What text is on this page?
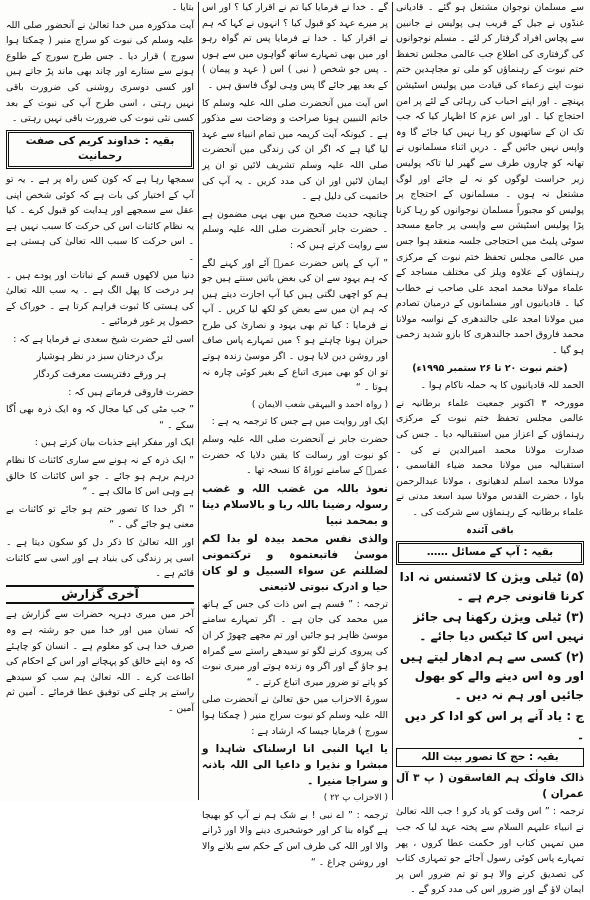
سے مسلمان نوجوان مشتعل ہو گئے ۔ قادیانی غنڈوں نے جیل کے قریب ہی پولیس نے جانبین سے پچاس افراد گرفتار کر لئے ۔ مسلم نوجوانوں کی گرفتاری کی اطلاع جب عالمی مجلس تحفظ ختم نبوت کے رہنماؤں کو ملی تو مجاہدین ختم نبوت اپنے زعماء کی قیادت میں پولیس اسٹیشن پہنچے ۔ اور اپنے احباب کی رہائی کے لئے پر امن احتجاج کیا ۔ اور اس عزم کا اظہار کیا کہ جب تک ان کے ساتھیوں کو رہا نہیں کیا جائے گا وہ واپس نہیں جائیں گے ۔ دریں اثناء مسلمانوں نے تھانہ کو چاروں طرف سے گھیر لیا تاکہ پولیس زیر حراست لوگوں کو نہ لے جائے اور لوگ مشتعل نہ ہوں ۔ مسلمانوں کے احتجاج پر پولیس کو مجبوراً مسلمان نوجوانوں کو رہا کرنا پڑا پولیس اسٹیشن سے واپسی پر جامع مسجد سوٹی پلیٹ میں احتجاجی جلسہ منعقد ہوا جس میں عالمی مجلس تحفظ ختم نبوت کے مرکزی رہنماؤں کے علاوہ ویلز کی مختلف مساجد کے علماء مولانا محمد امجد علی صاحب نے خطاب کیا ۔ قادیانیوں اور مسلمانوں کے درمیان تصادم میں مولانا امجد علی جالندھری کے نواسہ مولانا محمد فاروق احمد جالندھری کا بازو شدید زخمی ہو گیا ۔

(ختم نبوت ۲۰ تا ۲۶ ستمبر ۱۹۹۵ء)

الحمد للہ قادیانیوں کا یہ حملہ ناکام ہوا ۔

موورخہ ۳ اکتوبر جمعیت علماء برطانیہ نے عالمی مجلس تحفظ ختم نبوت کے مرکزی رہنماؤں کے اعزاز میں استقبالیہ دیا ۔ جس کی صدارت مولانا محمد امیرالدین نے کی ۔ استقبالیہ میں مولانا محمد ضیاء القاسمی ، مولانا محمد اسلم لدھیانوی ، مولانا عبدالرحمن باوا ، حضرت القدس مولانا سید اسعد مدنی نے علماء برطانیہ کے رہنماؤں سے شرکت کی ۔

باقی آئندہ

بقیہ : آپ کے مسائل ……

(۵) ٹیلی ویژن کا لائسنس نہ ادا کرنا قانونی جرم ہے ۔

(۳) ٹیلی ویژن رکھنا ہی جائز نہیں اس کا ٹیکس دیا جائے ۔

(۲) کسی سے ہم ادھار لیتے ہیں اور وہ اس دینے والے کو بھول جائیں اور ہم نہ دیں ۔

ج : یاد آنے پر اس کو ادا کر دیں ۔

بقیہ : حج کا تصور بیت اللہ

ذالک فاولٰک ہم الفاسقون ( پ ۳ آل عمران )

ترجمہ : ” اس وقت کو یاد کرو ! جب اللہ تعالیٰ نے انبیاء علیہم السلام سے پختہ عہد لیا کہ جب میں تمہیں کتاب اور حکمت عطا کروں ، پھر تمہارے پاس کوئی رسول آجائے جو تمہاری کتاب کی تصدیق کرنے والا ہو تو تم ضرور اس پر ایمان لاؤ گے اور ضرور اس کی مدد کرو گے ۔

گے ۔ خدا نے فرمایا کیا تم نے اقرار کیا ؟ اور اس پر میرے عہد کو قبول کیا ؟ انہوں نے کہا کہ ہم نے اقرار کیا ۔ خدا نے فرمایا پس تم گواہ رہو اور میں بھی تمہارے ساتھ گواہوں میں سے ہوں ۔ پس جو شخص ( نبی ) اس ( عہد و پیمان ) کے بعد پھر جائے گا پس وہی لوگ فاسق ہیں ۔

اس آیت میں آنحضرت صلی اللہ علیہ وسلم کا خاتم النبیین ہونا صراحت و وضاحت سے مذکور ہے ۔ کیونکہ آیت کریمہ میں تمام انبیاء سے عہد لیا گیا ہے کہ اگر ان کی زندگی میں آنحضرت صلی اللہ علیہ وسلم تشریف لائیں تو ان پر ایمان لائیں اور ان کی مدد کریں ۔ یہ آپ کی خاتمیت کی دلیل ہے ۔

چنانچہ حدیث صحیح میں بھی یہی مضمون ہے ۔ حضرت جابر آنحضرت صلی اللہ علیہ وسلم سے روایت کرتے ہیں کہ :

” آپ کے پاس حضرت عمرؓ آئے اور کہنے لگے کہ ہم یہود سے ان کی بعض باتیں سنتے ہیں جو ہم کو اچھی لگتی ہیں کیا آپ اجازت دیتے ہیں کہ ہم ان میں سے بعض کو لکھ لیا کریں ۔ آپ نے فرمایا : کیا تم بھی یہود و نصاریٰ کی طرح حیران ہونا چاہتے ہو ؟ میں تمہارے پاس صاف اور روشن دین لایا ہوں ۔ اگر موسیٰ زندہ ہوتے تو ان کو بھی میری اتباع کے بغیر کوئی چارہ نہ ہوتا ۔ “

( رواہ احمد و البیہقی شعب الایمان )

ایک اور روایت میں ہے جس کا ترجمہ یہ ہے :

حضرت جابر نے آنحضرت صلی اللہ علیہ وسلم کو نبوت اور رسالت کا یقین دلایا کہ حضرت عمرؓ کے سامنے توراۃ کا نسخہ تھا ۔

نعوذ باللہ من غضب اللہ و غضب رسولہ رضینا باللہ ربا و بالاسلام دینا و بمحمد نبیا

والذی نفس محمد بیدہ لو بدا لکم موسیٰ فاتبعتموہ و ترکتمونی لضللتم عن سواء السبیل و لو کان حیا و ادرک نبوتی لاتبعنی

ترجمہ : ” قسم ہے اس ذات کی جس کے ہاتھ میں محمد کی جان ہے ۔ اگر تمہارے سامنے موسیٰ ظاہر ہو جائیں اور تم مجھے چھوڑ کر ان کی پیروی کرنے لگو تو سیدھے راستے سے گمراہ ہو جاؤ گے اور اگر وہ زندہ ہوتے اور میری نبوت کو پاتے تو ضرور میری اتباع کرتے ۔ “

سورۃ الاحزاب میں حق تعالیٰ نے آنحضرت صلی اللہ علیہ وسلم کو نبوت سراج منیر ( چمکتا ہوا سورج ) فرمایا جیسا کہ ارشاد ہے :

یا ایہا النبی انا ارسلناک شاہدا و مبشرا و نذیرا و داعیا الی اللہ باذنہ و سراجا منیرا ۔

( الاحزاب پ ۲۲ )

ترجمہ : ” اے نبی ! بے شک ہم نے آپ کو بھیجا ہے گواہ بنا کر اور خوشخبری دینے والا اور ڈرانے والا اور اللہ کی طرف اس کے حکم سے بلانے والا اور روشن چراغ ۔ “

بتایا ۔

آیت مذکورہ میں خدا تعالیٰ نے آنحضور صلی اللہ علیہ وسلم کی نبوت کو سراج منیر ( چمکتا ہوا سورج ) قرار دیا ۔ جس طرح سورج کے طلوع ہونے سے ستارے اور چاند بھی ماند پڑ جاتے ہیں اور کسی دوسری روشنی کی ضرورت باقی نہیں رہتی ، اسی طرح آپ کی نبوت کے بعد کسی نئی نبوت کی ضرورت باقی نہیں رہتی ۔

بقیہ : خداوند کریم کی صفت رحمانیت

سمجھا رہا ہے کہ کون کس راہ پر ہے ۔ یہ تو آپ کے اختیار کی بات ہے کہ کوئی شخص اپنی عقل سے سمجھے اور ہدایت کو قبول کرے ۔ کیا یہ نظام کائنات اس کی حرکت کا سبب نہیں ہے ۔ اس حرکت کا سبب اللہ تعالیٰ کی ہستی ہے ۔

دنیا میں لاکھوں قسم کے نباتات اور پودے ہیں ۔ ہر درخت کا پھل الگ ہے ۔ یہ سب اللہ تعالیٰ کی ہستی کا ثبوت فراہم کرتا ہے ۔ خوراک کے حصول پر غور فرمائیے ۔

اسی لئے حضرت شیخ سعدی نے فرمایا ہے کہ :

برگ درختان سبز در نظر ہوشیار

ہر ورقے دفتریست معرفت کردگار

حضرت فاروقی فرماتے ہیں کہ :

” جب مٹی کی کیا مجال کہ وہ ایک ذرہ بھی اُگا سکے ۔ “

ایک اور مفکر اپنے جذبات بیان کرتے ہیں :

” ایک ذرہ کے نہ ہونے سے ساری کائنات کا نظام درہم برہم ہو جائے ۔ جو اس کائنات کا خالق ہے وہی اس کا مالک ہے ۔ “

” اگر خدا کا تصور ختم ہو جائے تو کائنات بے معنی ہو جائے گی ۔ “

اور اللہ تعالیٰ کا ذکر دل کو سکون دیتا ہے ۔ اسی پر زندگی کی بنیاد ہے اور اسی سے کائنات قائم ہے ۔

آخری گزارش

آخر میں میری دہریہ حضرات سے گزارش ہے کہ نسان میں اور خدا میں جو رشتہ ہے وہ صرف خدا ہی کو معلوم ہے ۔ انسان کو چاہئے کہ وہ اپنے خالق کو پہچانے اور اس کے احکام کی اطاعت کرے ۔ اللہ تعالیٰ ہم سب کو سیدھے راستے پر چلنے کی توفیق عطا فرمائے ۔ آمین ثم آمین ۔
